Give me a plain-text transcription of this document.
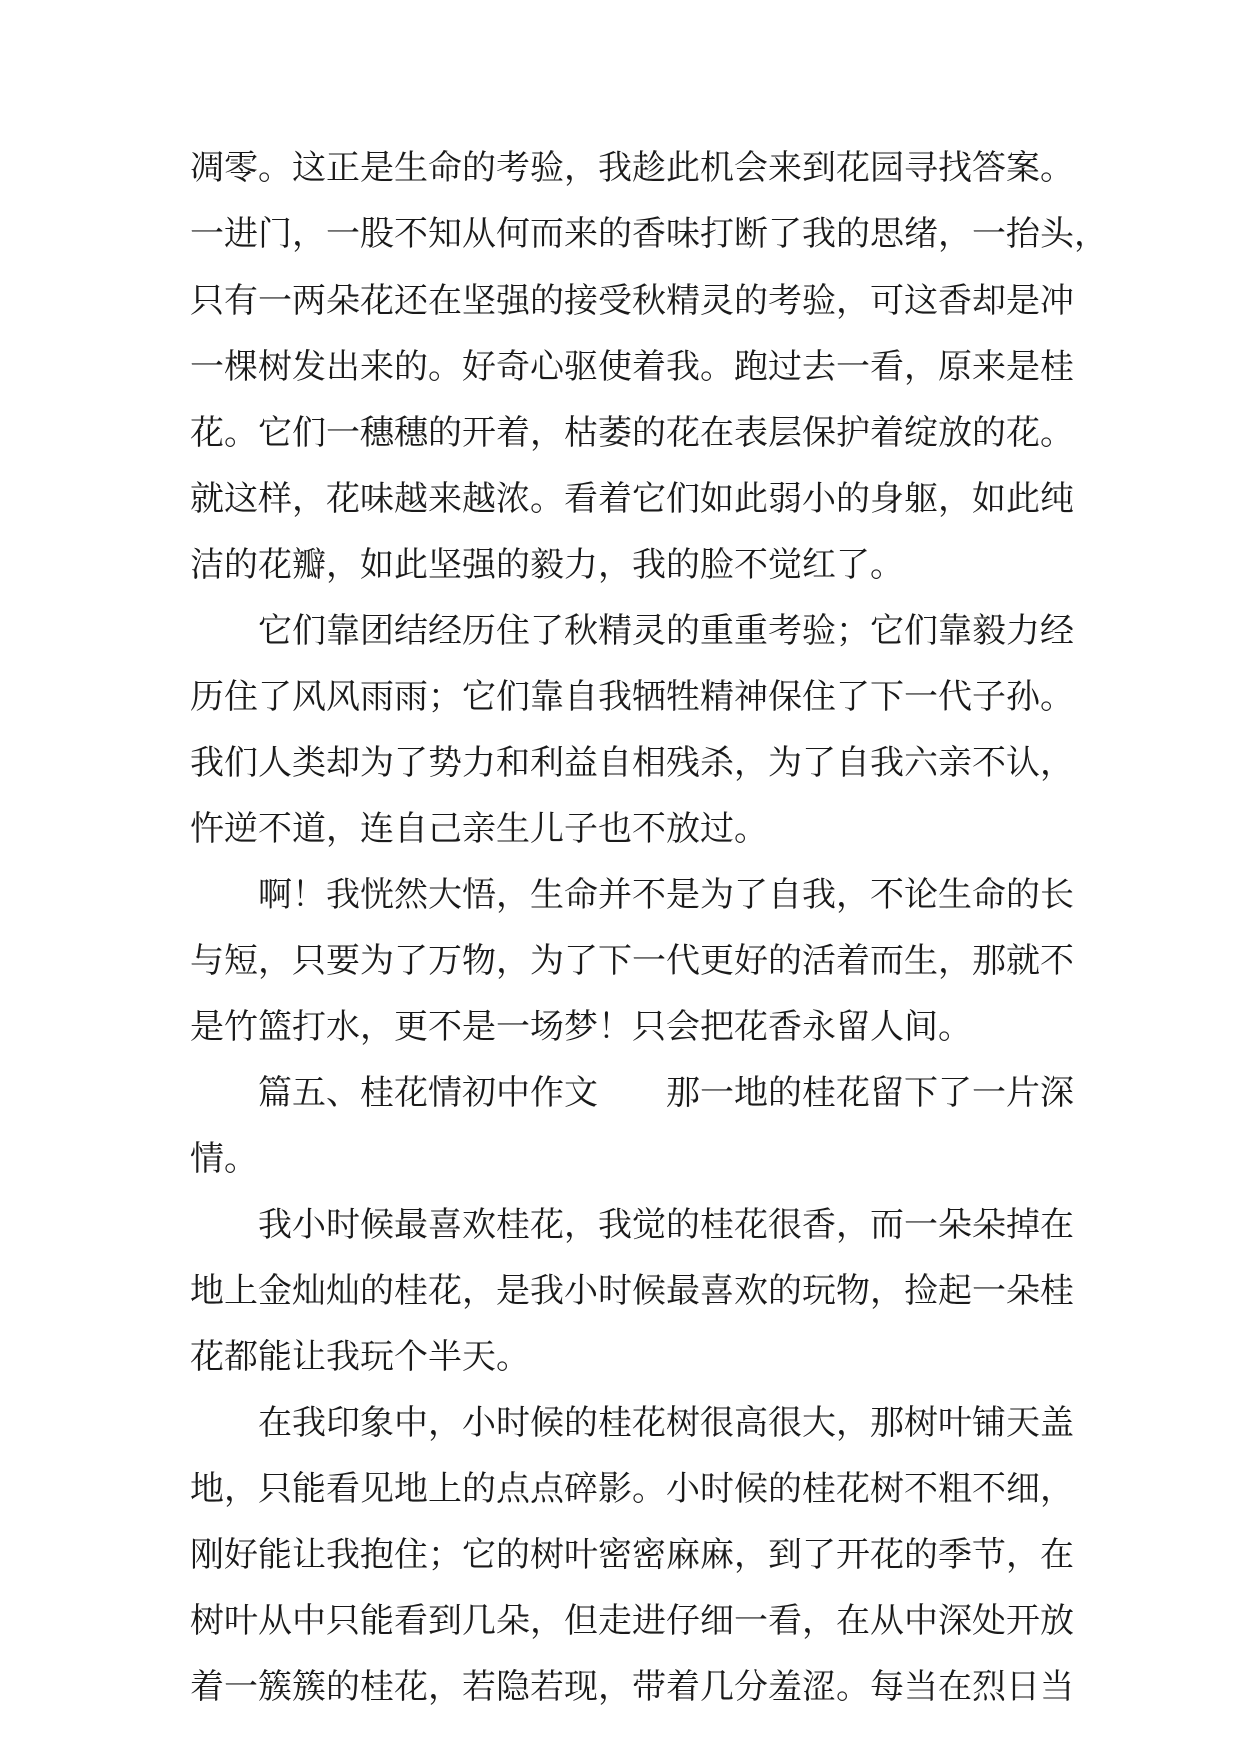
凋零。这正是生命的考验，我趁此机会来到花园寻找答案。

一进门，一股不知从何而来的香味打断了我的思绪，一抬头，

只有一两朵花还在坚强的接受秋精灵的考验，可这香却是冲

一棵树发出来的。好奇心驱使着我。跑过去一看，原来是桂

花。它们一穗穗的开着，枯萎的花在表层保护着绽放的花。

就这样，花味越来越浓。看着它们如此弱小的身躯，如此纯

洁的花瓣，如此坚强的毅力，我的脸不觉红了。

它们靠团结经历住了秋精灵的重重考验；它们靠毅力经

历住了风风雨雨；它们靠自我牺牲精神保住了下一代子孙。

我们人类却为了势力和利益自相残杀，为了自我六亲不认，

忤逆不道，连自己亲生儿子也不放过。

啊！我恍然大悟，生命并不是为了自我，不论生命的长

与短，只要为了万物，为了下一代更好的活着而生，那就不

是竹篮打水，更不是一场梦！只会把花香永留人间。

篇五、桂花情初中作文　　那一地的桂花留下了一片深

情。

我小时候最喜欢桂花，我觉的桂花很香，而一朵朵掉在

地上金灿灿的桂花，是我小时候最喜欢的玩物，捡起一朵桂

花都能让我玩个半天。

在我印象中，小时候的桂花树很高很大，那树叶铺天盖

地，只能看见地上的点点碎影。小时候的桂花树不粗不细，

刚好能让我抱住；它的树叶密密麻麻，到了开花的季节，在

树叶从中只能看到几朵，但走进仔细一看，在从中深处开放

着一簇簇的桂花，若隐若现，带着几分羞涩。每当在烈日当
